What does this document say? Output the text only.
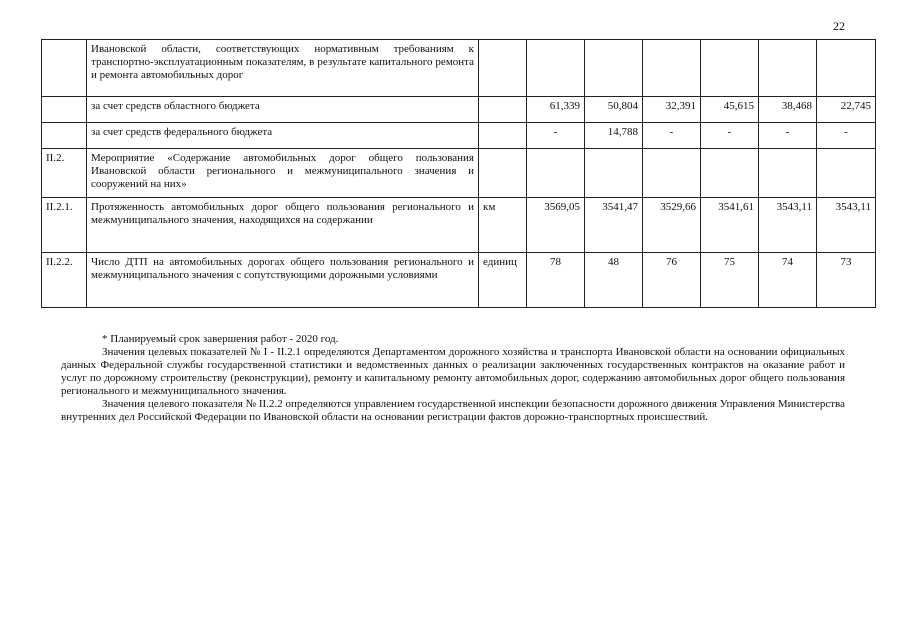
22
	Ивановской области, соответствующих нормативным требованиям к транспортно-эксплуатационным показателям, в результате капитального ремонта и ремонта автомобильных дорог							
	за счет средств областного бюджета		61,339	50,804	32,391	45,615	38,468	22,745
	за счет средств федерального бюджета		-	14,788	-	-	-	-
II.2.	Мероприятие «Содержание автомобильных дорог общего пользования Ивановской области регионального и межмуниципального значения и сооружений на них»							
II.2.1.	Протяженность автомобильных дорог общего пользования регионального и межмуниципального значения, находящихся на содержании	км	3569,05	3541,47	3529,66	3541,61	3543,11	3543,11
II.2.2.	Число ДТП на автомобильных дорогах общего пользования регионального и межмуниципального значения с сопутствующими дорожными условиями	единиц	78	48	76	75	74	73

* Планируемый срок завершения работ - 2020 год.

Значения целевых показателей № I - II.2.1 определяются Департаментом дорожного хозяйства и транспорта Ивановской области на основании официальных данных Федеральной службы государственной статистики и ведомственных данных о реализации заключенных государственных контрактов на оказание работ и услуг по дорожному строительству (реконструкции), ремонту и капитальному ремонту автомобильных дорог, содержанию автомобильных дорог общего пользования регионального и межмуниципального значения.

Значения целевого показателя № II.2.2 определяются управлением государственной инспекции безопасности дорожного движения Управления Министерства внутренних дел Российской Федерации по Ивановской области на основании регистрации фактов дорожно-транспортных происшествий.
